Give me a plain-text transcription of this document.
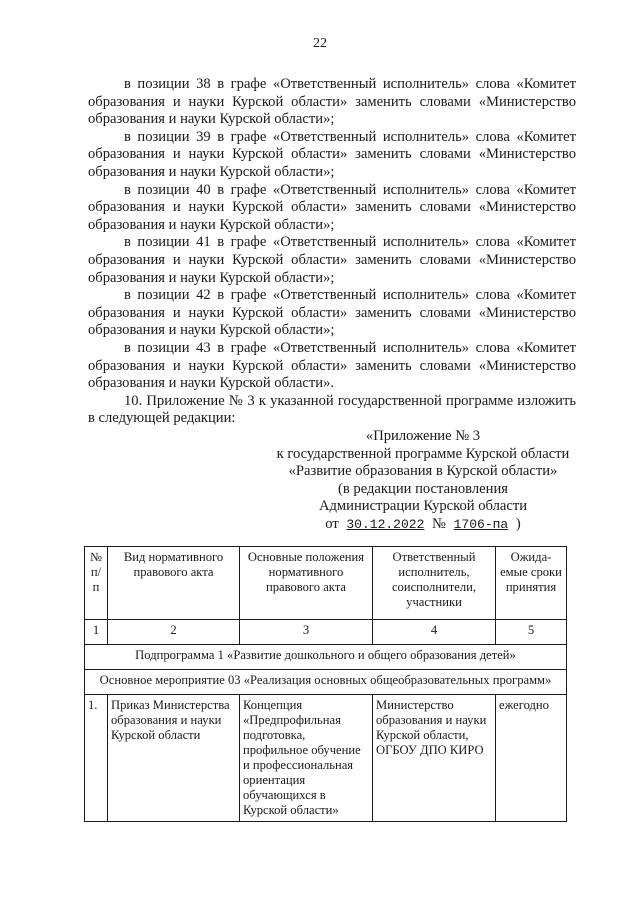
22

в позиции 38 в графе «Ответственный исполнитель» слова «Комитет образования и науки Курской области» заменить словами «Министерство образования и науки Курской области»;

в позиции 39 в графе «Ответственный исполнитель» слова «Комитет образования и науки Курской области» заменить словами «Министерство образования и науки Курской области»;

в позиции 40 в графе «Ответственный исполнитель» слова «Комитет образования и науки Курской области» заменить словами «Министерство образования и науки Курской области»;

в позиции 41 в графе «Ответственный исполнитель» слова «Комитет образования и науки Курской области» заменить словами «Министерство образования и науки Курской области»;

в позиции 42 в графе «Ответственный исполнитель» слова «Комитет образования и науки Курской области» заменить словами «Министерство образования и науки Курской области»;

в позиции 43 в графе «Ответственный исполнитель» слова «Комитет образования и науки Курской области» заменить словами «Министерство образования и науки Курской области».

10. Приложение № 3 к указанной государственной программе изложить в следующей редакции:

«Приложение № 3
к государственной программе Курской области
«Развитие образования в Курской области»
(в редакции постановления
Администрации Курской области
от 30.12.2022 № 1706-па )
№ п/п	Вид нормативного правового акта	Основные положения нормативного правового акта	Ответственный исполнитель, соисполнители, участники	Ожида-емые сроки принятия
1	2	3	4	5
Подпрограмма 1 «Развитие дошкольного и общего образования детей»				
Основное мероприятие 03 «Реализация основных общеобразовательных программ»				
1.	Приказ Министерства образования и науки Курской области	Концепция «Предпрофильная подготовка, профильное обучение и профессиональная ориентация обучающихся в Курской области»	Министерство образования и науки Курской области, ОГБОУ ДПО КИРО	ежегодно
